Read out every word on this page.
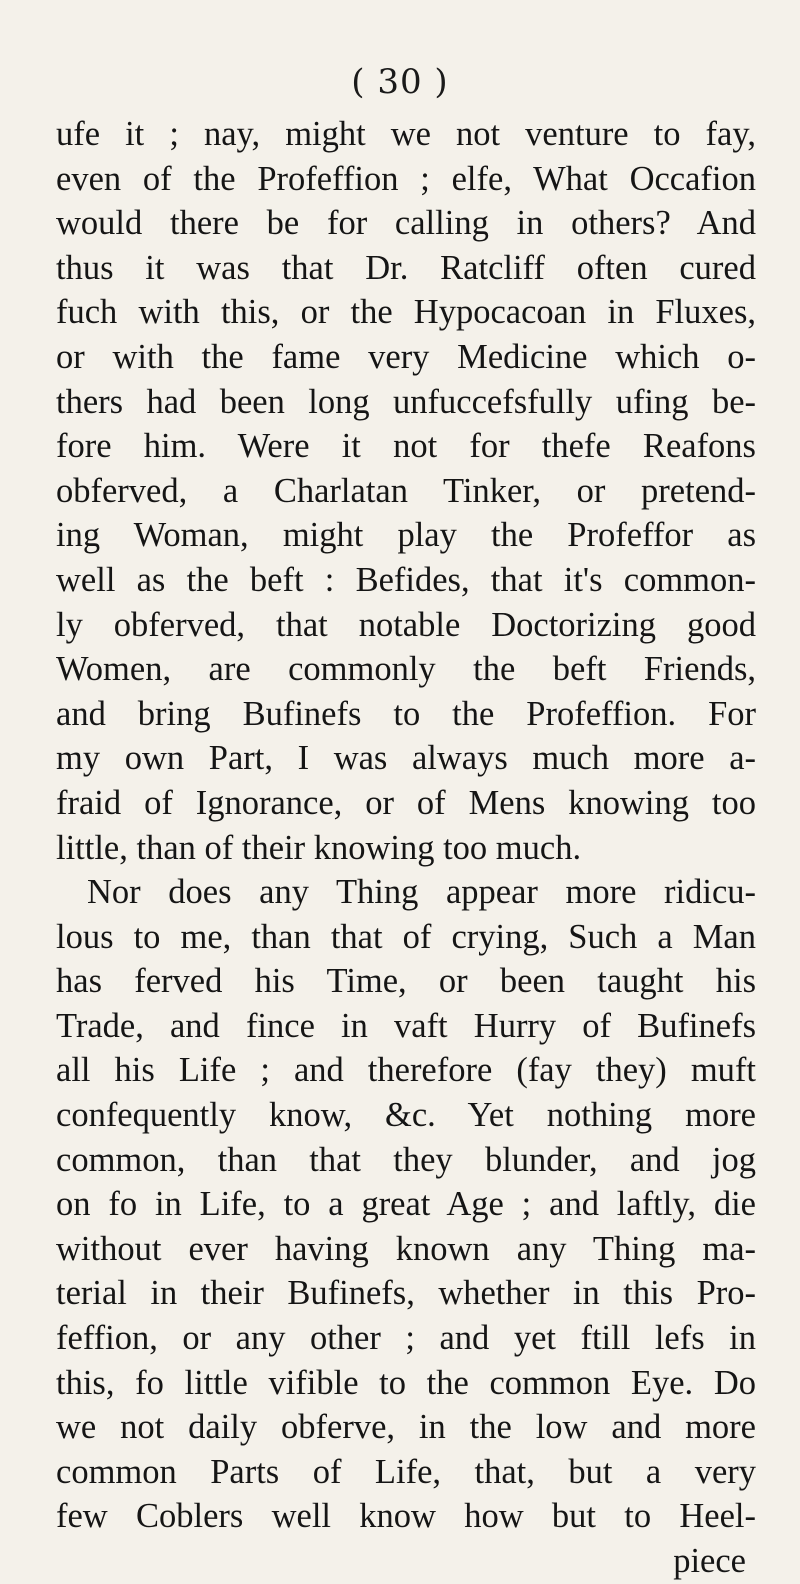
( 30 )
ufe it ; nay, might we not venture to fay,
even of the Profeffion ; elfe, What Occafion
would there be for calling in others? And
thus it was that Dr. Ratcliff often cured
fuch with this, or the Hypocacoan in Fluxes,
or with the fame very Medicine which o-
thers had been long unfuccefsfully ufing be-
fore him. Were it not for thefe Reafons
obferved, a Charlatan Tinker, or pretend-
ing Woman, might play the Profeffor as
well as the beft : Befides, that it's common-
ly obferved, that notable Doctorizing good
Women, are commonly the beft Friends,
and bring Bufinefs to the Profeffion. For
my own Part, I was always much more a-
fraid of Ignorance, or of Mens knowing too
little, than of their knowing too much.
Nor does any Thing appear more ridicu-
lous to me, than that of crying, Such a Man
has ferved his Time, or been taught his
Trade, and fince in vaft Hurry of Bufinefs
all his Life ; and therefore (fay they) muft
confequently know, &c. Yet nothing more
common, than that they blunder, and jog
on fo in Life, to a great Age ; and laftly, die
without ever having known any Thing ma-
terial in their Bufinefs, whether in this Pro-
feffion, or any other ; and yet ftill lefs in
this, fo little vifible to the common Eye. Do
we not daily obferve, in the low and more
common Parts of Life, that, but a very
few Coblers well know how but to Heel-
piece
